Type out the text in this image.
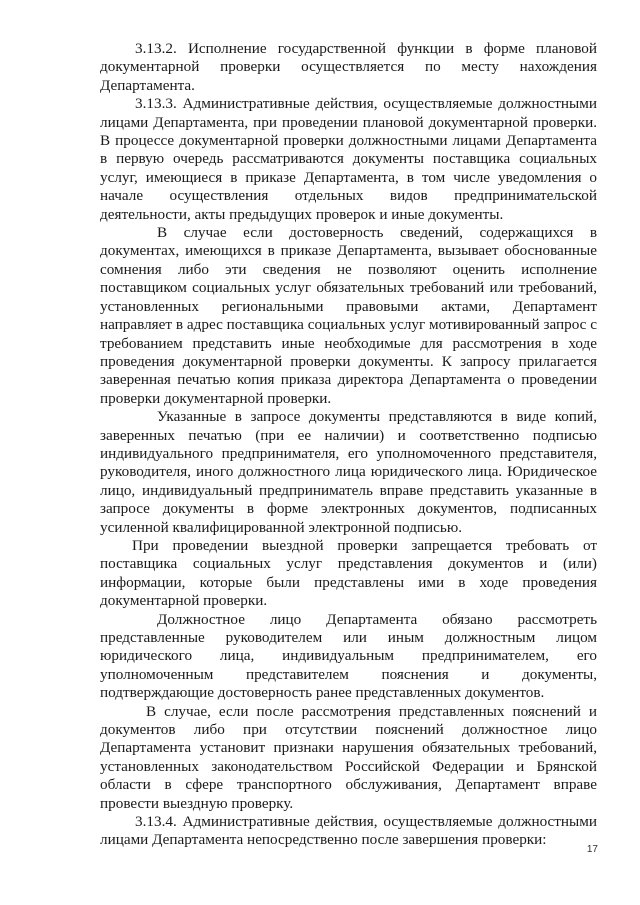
3.13.2. Исполнение государственной функции в форме плановой документарной проверки осуществляется по месту нахождения Департамента.

3.13.3. Административные действия, осуществляемые должностными лицами Департамента, при проведении плановой документарной проверки. В процессе документарной проверки должностными лицами Департамента в первую очередь рассматриваются документы поставщика социальных услуг, имеющиеся в приказе Департамента, в том числе уведомления о начале осуществления отдельных видов предпринимательской деятельности, акты предыдущих проверок и иные документы.

В случае если достоверность сведений, содержащихся в документах, имеющихся в приказе Департамента, вызывает обоснованные сомнения либо эти сведения не позволяют оценить исполнение поставщиком социальных услуг обязательных требований или требований, установленных региональными правовыми актами, Департамент направляет в адрес поставщика социальных услуг мотивированный запрос с требованием представить иные необходимые для рассмотрения в ходе проведения документарной проверки документы. К запросу прилагается заверенная печатью копия приказа директора Департамента о проведении проверки документарной проверки.

Указанные в запросе документы представляются в виде копий, заверенных печатью (при ее наличии) и соответственно подписью индивидуального предпринимателя, его уполномоченного представителя, руководителя, иного должностного лица юридического лица. Юридическое лицо, индивидуальный предприниматель вправе представить указанные в запросе документы в форме электронных документов, подписанных усиленной квалифицированной электронной подписью.

При проведении выездной проверки запрещается требовать от поставщика социальных услуг представления документов и (или) информации, которые были представлены ими в ходе проведения документарной проверки.

Должностное лицо Департамента обязано рассмотреть представленные руководителем или иным должностным лицом юридического лица, индивидуальным предпринимателем, его уполномоченным представителем пояснения и документы, подтверждающие достоверность ранее представленных документов.

В случае, если после рассмотрения представленных пояснений и документов либо при отсутствии пояснений должностное лицо Департамента установит признаки нарушения обязательных требований, установленных законодательством Российской Федерации и Брянской области в сфере транспортного обслуживания, Департамент вправе провести выездную проверку.

3.13.4. Административные действия, осуществляемые должностными лицами Департамента непосредственно после завершения проверки:

17
